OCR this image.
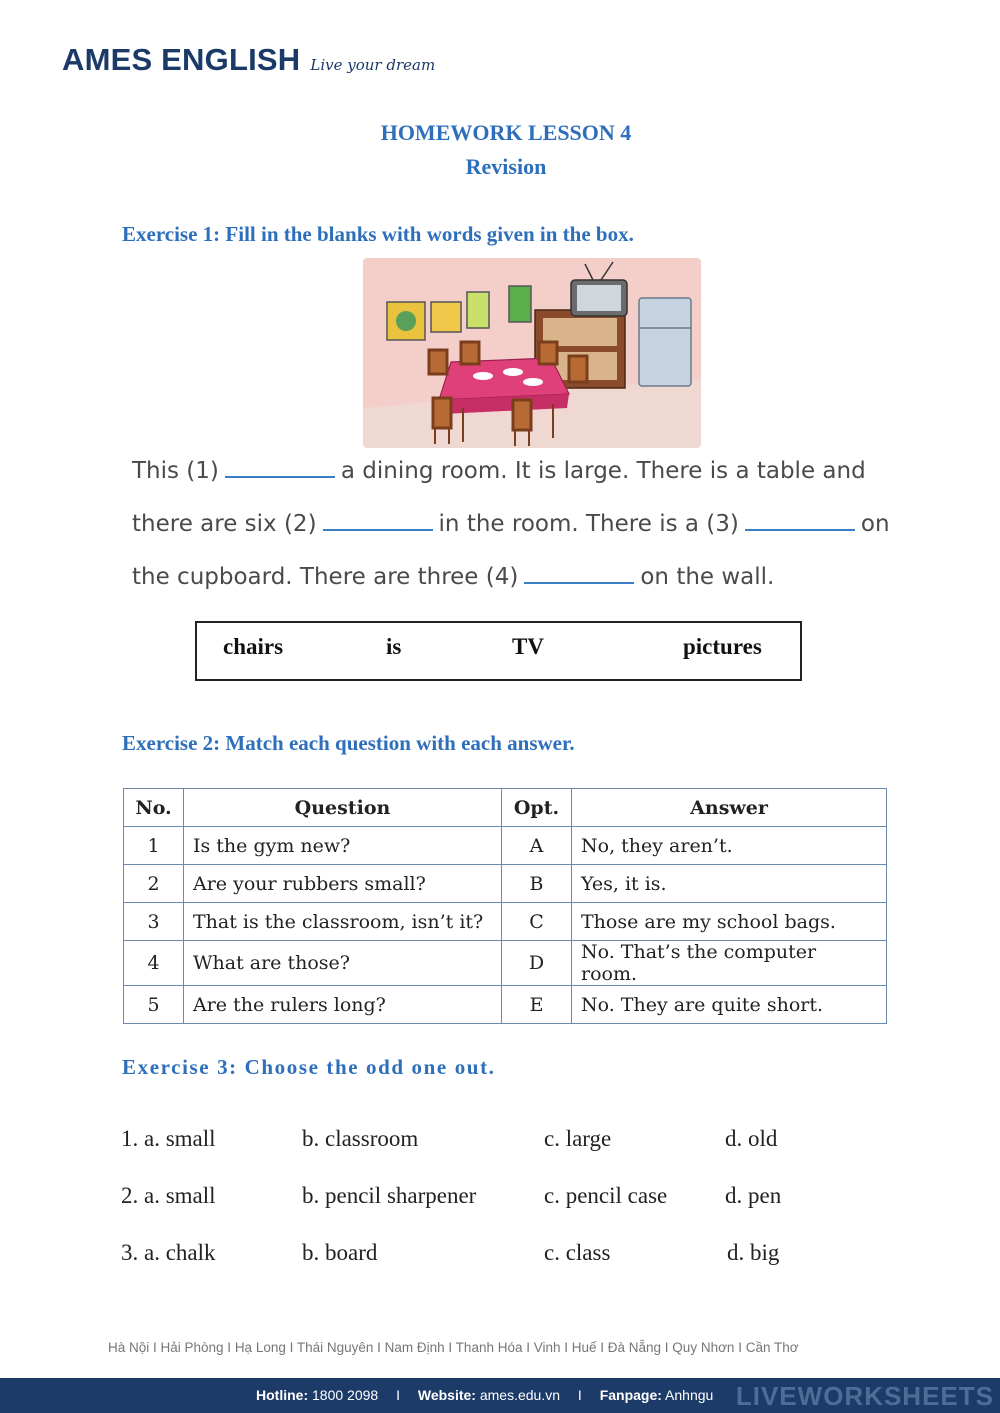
AMES ENGLISH Live your dream
HOMEWORK LESSON 4
Revision
Exercise 1: Fill in the blanks with words given in the box.
This (1)	a dining room. It is large. There is a table and
there are six (2)	in the room. There is a (3)	on
the cupboard. There are three (4)	on the wall.
chairs	is	TV	pictures
Exercise 2: Match each question with each answer.
No.	Question	Opt.	Answer
1	Is the gym new?	A	No, they aren’t.
2	Are your rubbers small?	B	Yes, it is.
3	That is the classroom, isn’t it?	C	Those are my school bags.
4	What are those?	D	No. That’s the computer room.
5	Are the rulers long?	E	No. They are quite short.
Exercise 3: Choose the odd one out.
1. a. small	b. classroom	c. large	d. old
2. a. small	b. pencil sharpener	c. pencil case	d. pen
3. a. chalk	b. board	c. class	d. big
Hà Nội I Hải Phòng I Hạ Long I Thái Nguyên I Nam Định I Thanh Hóa I Vinh I Huế I Đà Nẵng I Quy Nhơn I Cần Thơ
Hotline: 1800 2098 I Website: ames.edu.vn I Fanpage: Anhngu LIVEWORKSHEETS
